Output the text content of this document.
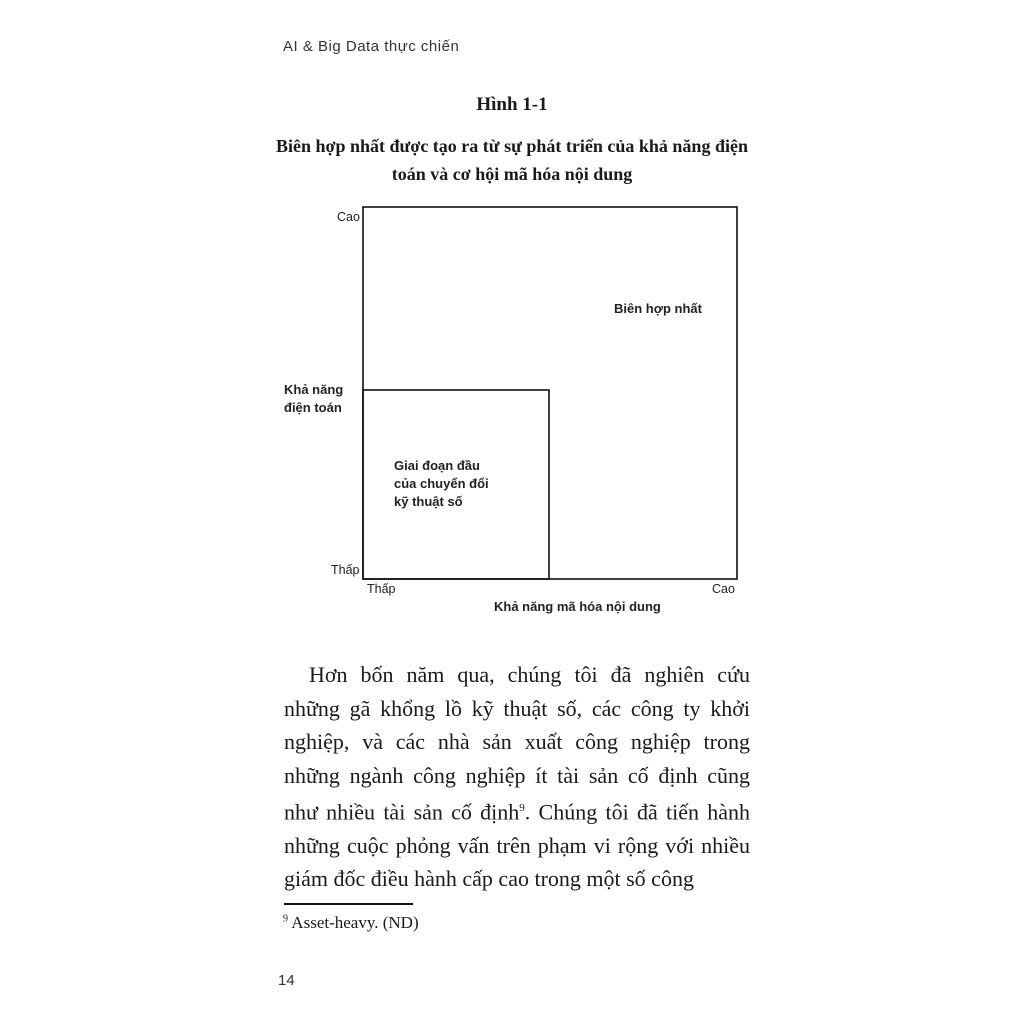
AI & Big Data thực chiến
Hình 1-1
Biên hợp nhất được tạo ra từ sự phát triển của khả năng điện toán và cơ hội mã hóa nội dung
Cao
Khả năng điện toán
Thấp
Thấp	Cao
Khả năng mã hóa nội dung
Biên hợp nhất
Giai đoạn đầu của chuyển đổi kỹ thuật số
Hơn bốn năm qua, chúng tôi đã nghiên cứu những gã khổng lồ kỹ thuật số, các công ty khởi nghiệp, và các nhà sản xuất công nghiệp trong những ngành công nghiệp ít tài sản cố định cũng như nhiều tài sản cố định$^9$. Chúng tôi đã tiến hành những cuộc phỏng vấn trên phạm vi rộng với nhiều giám đốc điều hành cấp cao trong một số công
$^9$ Asset-heavy. (ND)
14
